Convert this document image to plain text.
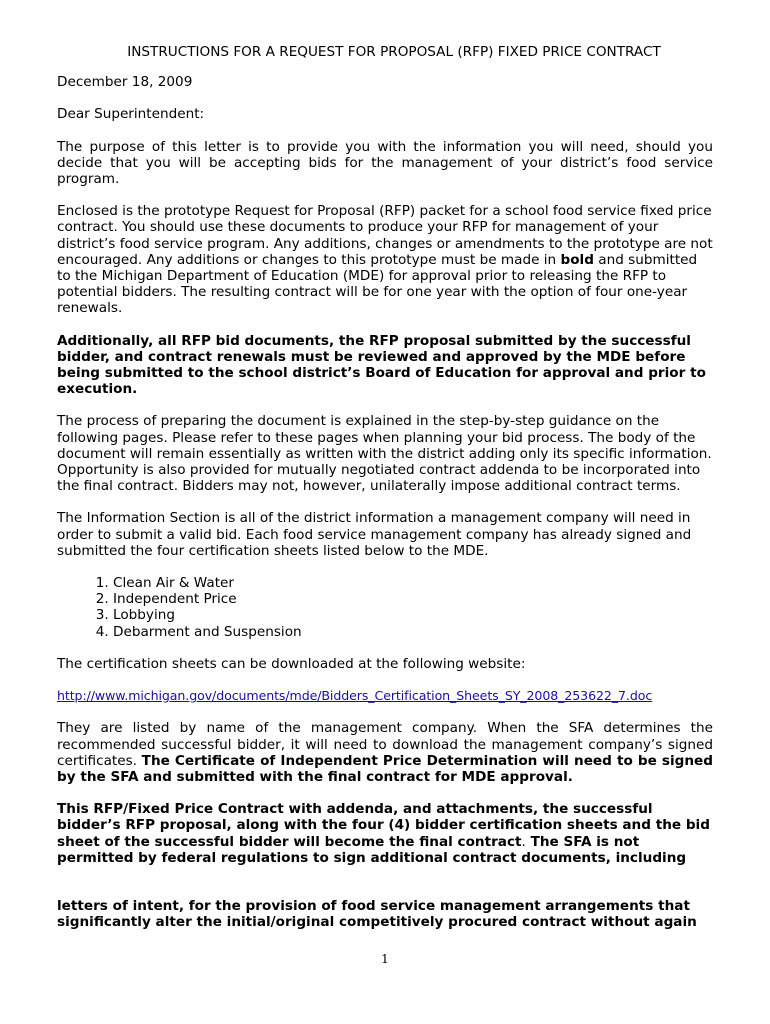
INSTRUCTIONS FOR A REQUEST FOR PROPOSAL (RFP) FIXED PRICE CONTRACT

December 18, 2009

Dear Superintendent:

The purpose of this letter is to provide you with the information you will need, should you decide that you will be accepting bids for the management of your district’s food service program.

Enclosed is the prototype Request for Proposal (RFP) packet for a school food service fixed price contract. You should use these documents to produce your RFP for management of your district’s food service program. Any additions, changes or amendments to the prototype are not encouraged. Any additions or changes to this prototype must be made in bold and submitted to the Michigan Department of Education (MDE) for approval prior to releasing the RFP to potential bidders. The resulting contract will be for one year with the option of four one-year renewals.

Additionally, all RFP bid documents, the RFP proposal submitted by the successful bidder, and contract renewals must be reviewed and approved by the MDE before being submitted to the school district’s Board of Education for approval and prior to execution.

The process of preparing the document is explained in the step-by-step guidance on the following pages. Please refer to these pages when planning your bid process. The body of the document will remain essentially as written with the district adding only its specific information. Opportunity is also provided for mutually negotiated contract addenda to be incorporated into the final contract. Bidders may not, however, unilaterally impose additional contract terms.

The Information Section is all of the district information a management company will need in order to submit a valid bid. Each food service management company has already signed and submitted the four certification sheets listed below to the MDE.

1. Clean Air & Water
2. Independent Price
3. Lobbying
4. Debarment and Suspension

The certification sheets can be downloaded at the following website:

http://www.michigan.gov/documents/mde/Bidders_Certification_Sheets_SY_2008_253622_7.doc

They are listed by name of the management company. When the SFA determines the recommended successful bidder, it will need to download the management company’s signed certificates. The Certificate of Independent Price Determination will need to be signed by the SFA and submitted with the final contract for MDE approval.

This RFP/Fixed Price Contract with addenda, and attachments, the successful bidder’s RFP proposal, along with the four (4) bidder certification sheets and the bid sheet of the successful bidder will become the final contract. The SFA is not permitted by federal regulations to sign additional contract documents, including

letters of intent, for the provision of food service management arrangements that significantly alter the initial/original competitively procured contract without again

1
